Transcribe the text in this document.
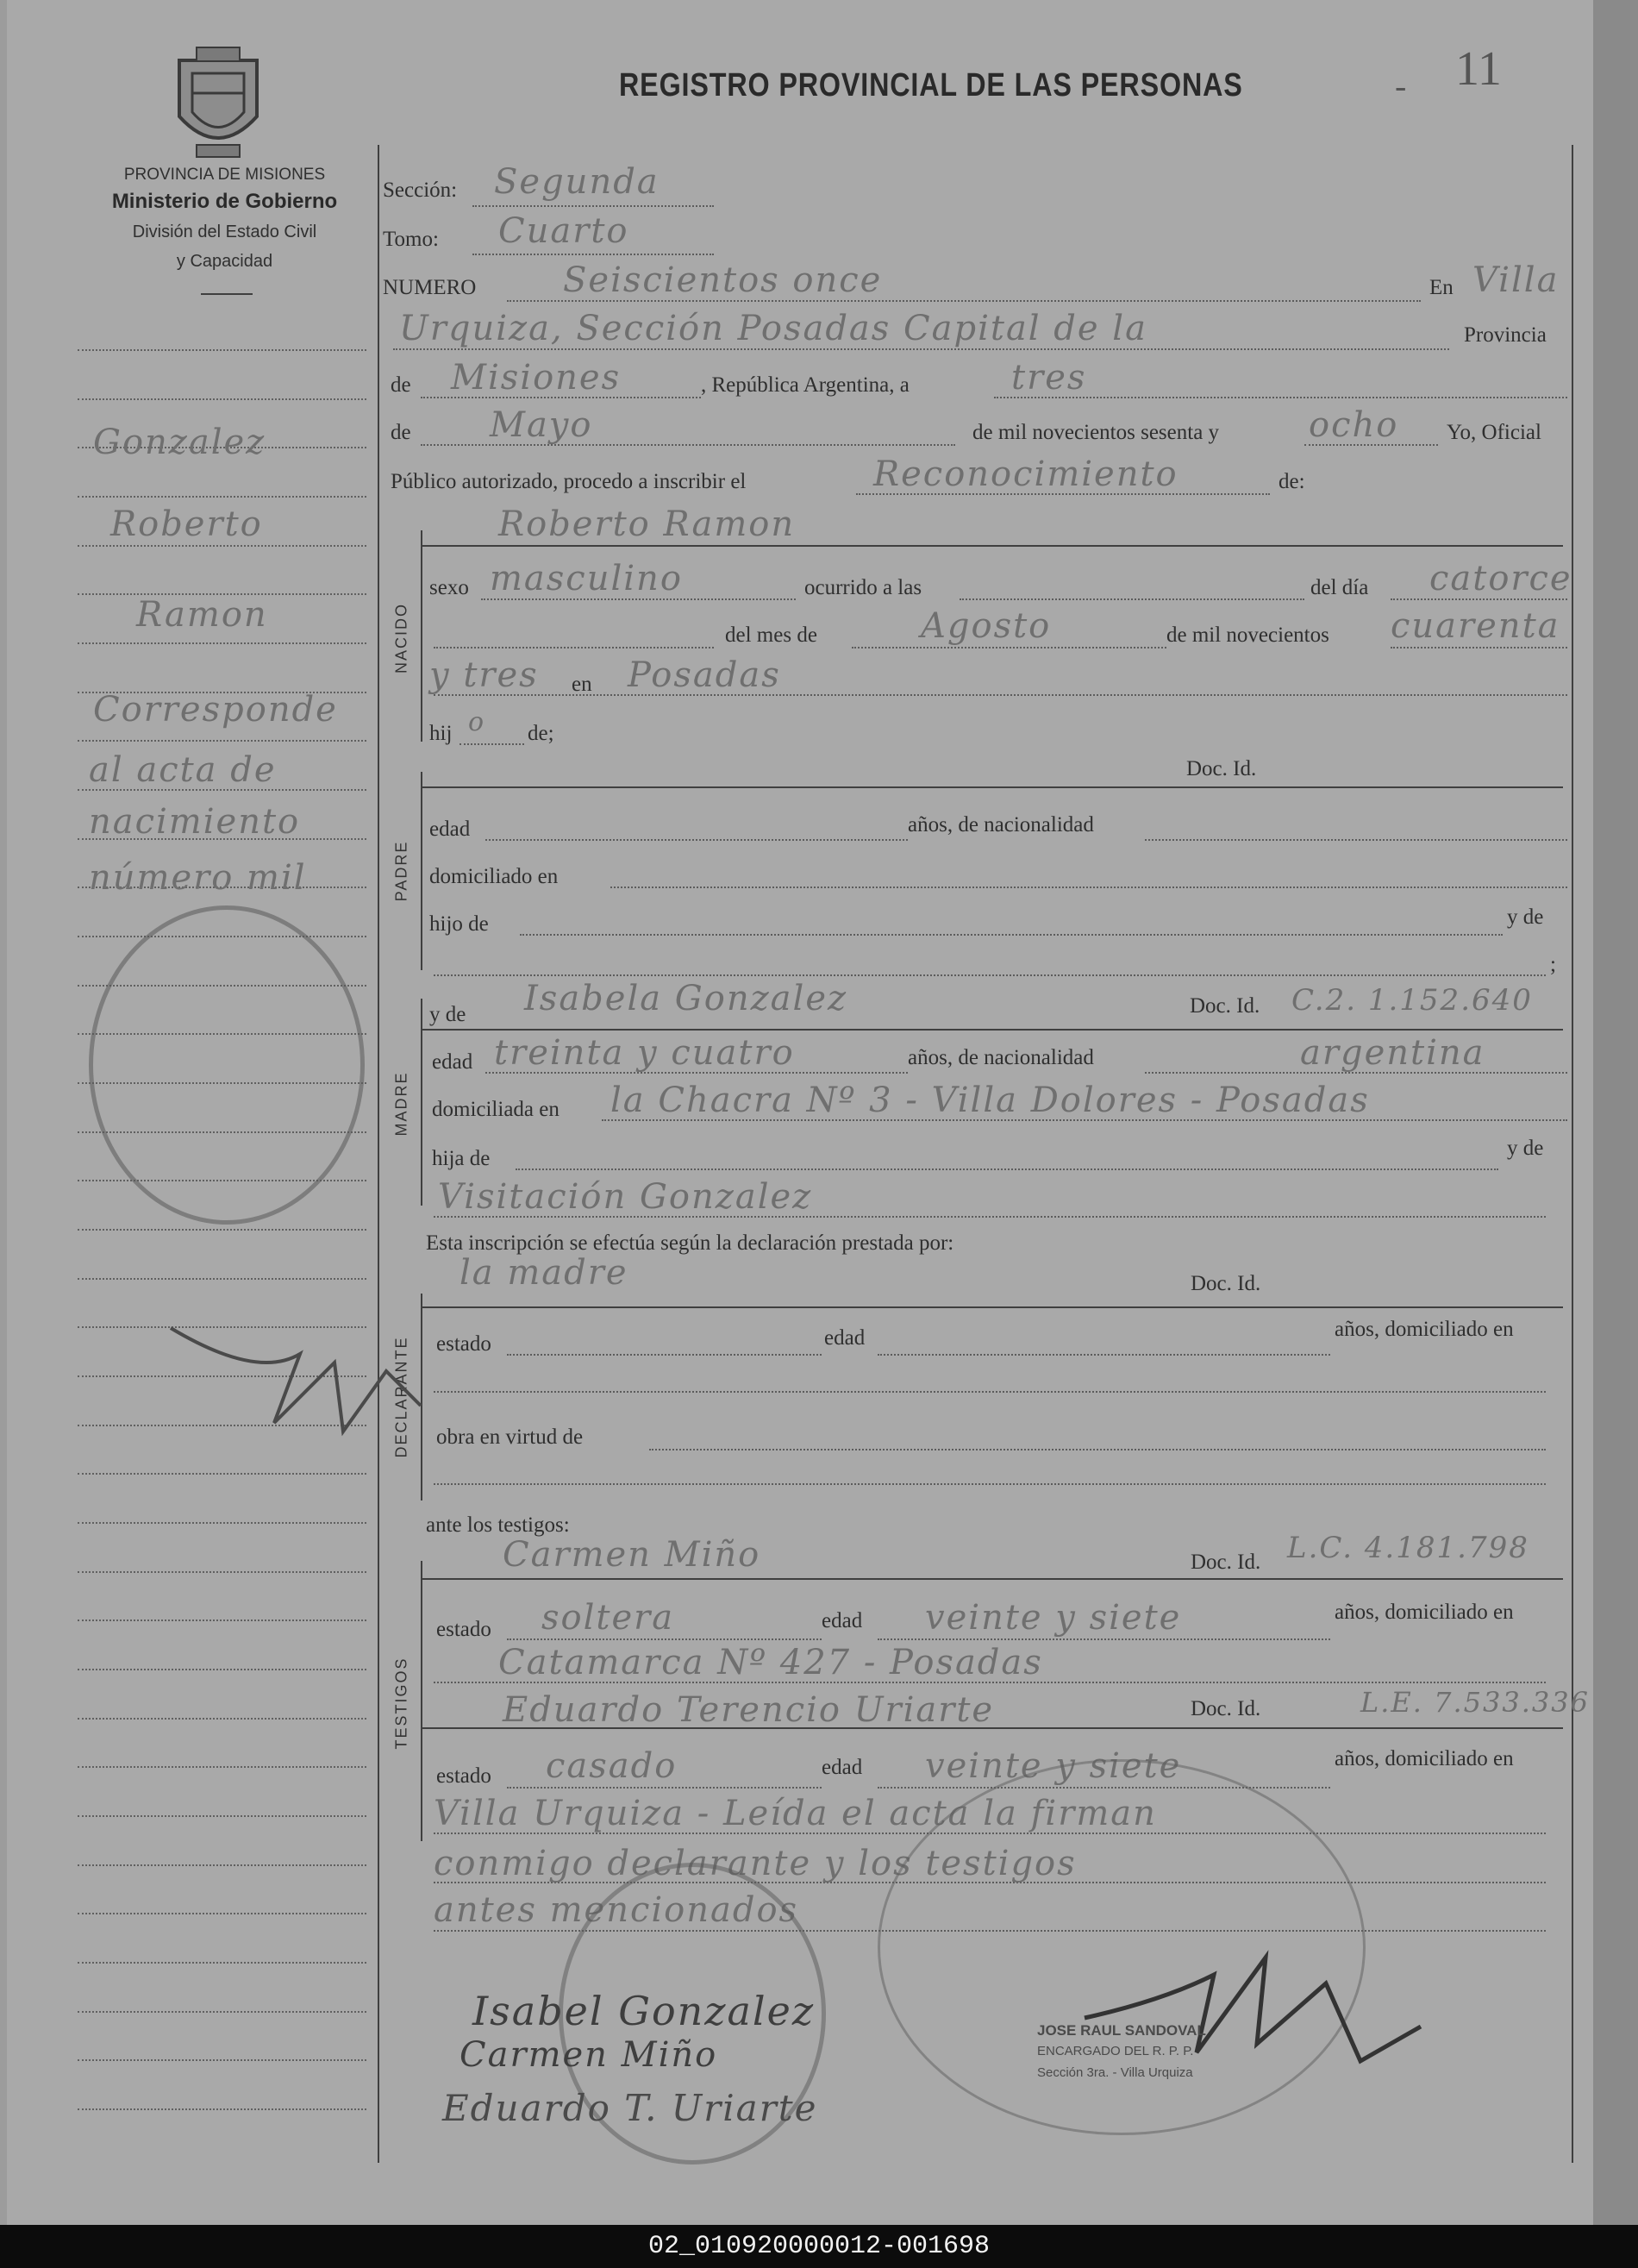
Gonzalez
Roberto
Ramon
Corresponde
al acta de
nacimiento
número mil
PROVINCIA DE MISIONES
Ministerio de Gobierno
División del Estado Civil
y Capacidad
REGISTRO PROVINCIAL DE LAS PERSONAS	- 11
Sección: Segunda
Tomo: Cuarto
NUMERO	Seiscientos once	En Villa
Urquiza, Sección Posadas Capital de la	Provincia
de Misiones	, República Argentina, a	tres
de Mayo	de mil novecientos sesenta y	ocho Yo, Oficial
Público autorizado, procedo a inscribir el	Reconocimiento	de:
NACIDO
Roberto Ramon
sexo masculino	ocurrido a las	del día catorce
del mes de	Agosto	de mil novecientos cuarenta
y tres en Posadas
hij o de;
PADRE
Doc. Id.
edad	años, de nacionalidad
domiciliado en
hijo de	y de
;
MADRE
y de Isabela Gonzalez	Doc. Id. C.2. 1.152.640
edad treinta y cuatro	años, de nacionalidad	argentina
domiciliada en la Chacra Nº 3 - Villa Dolores - Posadas
hija de	y de
Visitación Gonzalez
Esta inscripción se efectúa según la declaración prestada por:
DECLARANTE
la madre	Doc. Id.
estado	edad	años, domiciliado en
obra en virtud de
ante los testigos:
TESTIGOS
Carmen Miño	Doc. Id. L.C. 4.181.798
estado soltera	edad veinte y siete	años, domiciliado en
Catamarca Nº 427 - Posadas
Eduardo Terencio Uriarte	Doc. Id.	L.E. 7.533.336
estado casado	edad veinte y siete	años, domiciliado en
Villa Urquiza - Leída el acta la firman
conmigo declarante y los testigos
antes mencionados
Isabel Gonzalez
Carmen Miño
Eduardo T. Uriarte
JOSE RAUL SANDOVAL
ENCARGADO DEL R. P. P.
Sección 3ra. - Villa Urquiza
02_010920000012-001698
